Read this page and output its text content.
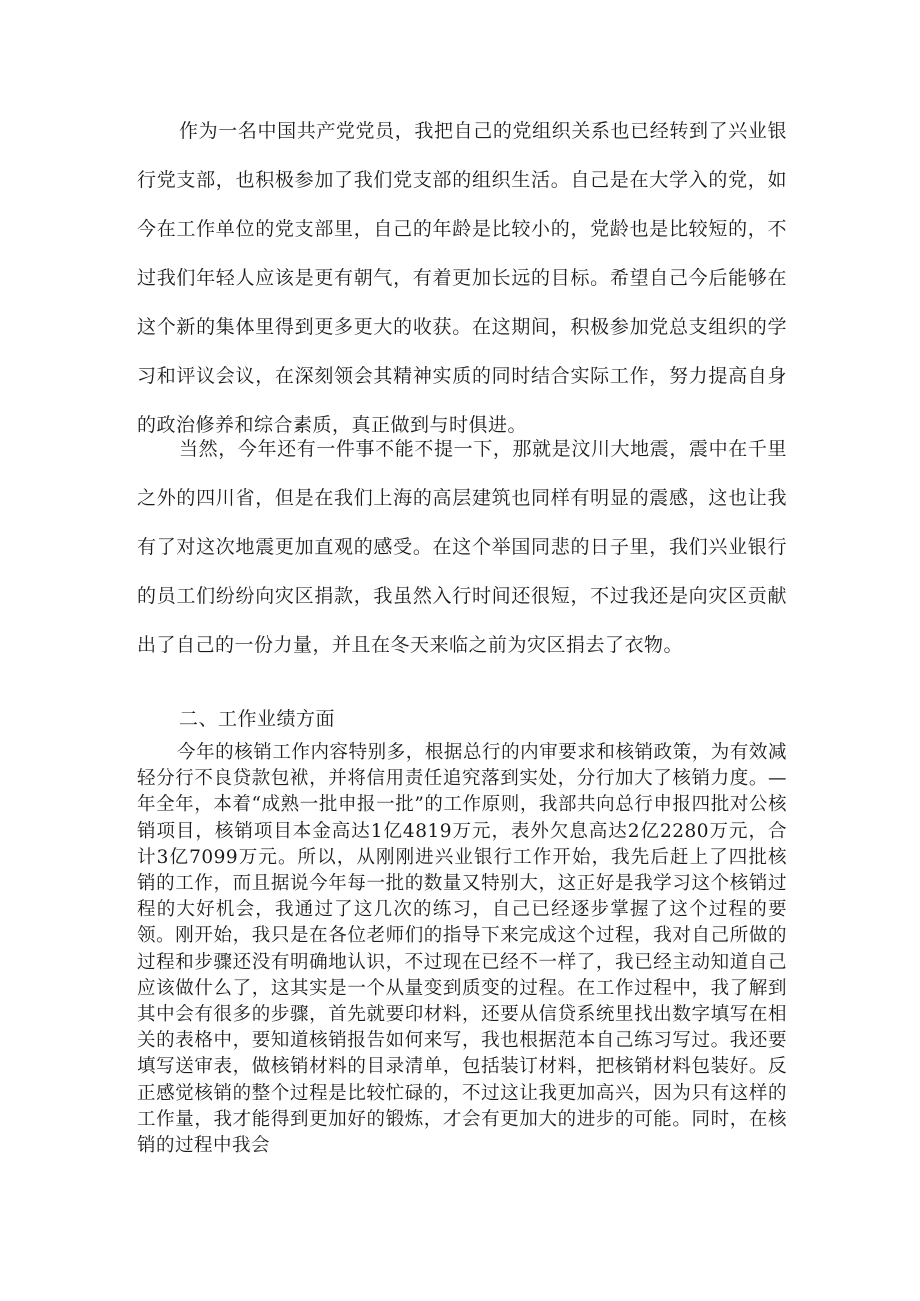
作为一名中国共产党党员，我把自己的党组织关系也已经转到了兴业银行党支部，也积极参加了我们党支部的组织生活。自己是在大学入的党，如今在工作单位的党支部里，自己的年龄是比较小的，党龄也是比较短的，不过我们年轻人应该是更有朝气，有着更加长远的目标。希望自己今后能够在这个新的集体里得到更多更大的收获。在这期间，积极参加党总支组织的学习和评议会议，在深刻领会其精神实质的同时结合实际工作，努力提高自身的政治修养和综合素质，真正做到与时俱进。

当然，今年还有一件事不能不提一下，那就是汶川大地震，震中在千里之外的四川省，但是在我们上海的高层建筑也同样有明显的震感，这也让我有了对这次地震更加直观的感受。在这个举国同悲的日子里，我们兴业银行的员工们纷纷向灾区捐款，我虽然入行时间还很短，不过我还是向灾区贡献出了自己的一份力量，并且在冬天来临之前为灾区捐去了衣物。

二、工作业绩方面

今年的核销工作内容特别多，根据总行的内审要求和核销政策，为有效减轻分行不良贷款包袱，并将信用责任追究落到实处，分行加大了核销力度。—年全年，本着“成熟一批申报一批”的工作原则，我部共向总行申报四批对公核销项目，核销项目本金高达1亿4819万元，表外欠息高达2亿2280万元，合计3亿7099万元。所以，从刚刚进兴业银行工作开始，我先后赶上了四批核销的工作，而且据说今年每一批的数量又特别大，这正好是我学习这个核销过程的大好机会，我通过了这几次的练习，自己已经逐步掌握了这个过程的要领。刚开始，我只是在各位老师们的指导下来完成这个过程，我对自己所做的过程和步骤还没有明确地认识，不过现在已经不一样了，我已经主动知道自己应该做什么了，这其实是一个从量变到质变的过程。在工作过程中，我了解到其中会有很多的步骤，首先就要印材料，还要从信贷系统里找出数字填写在相关的表格中，要知道核销报告如何来写，我也根据范本自己练习写过。我还要填写送审表，做核销材料的目录清单，包括装订材料，把核销材料包装好。反正感觉核销的整个过程是比较忙碌的，不过这让我更加高兴，因为只有这样的工作量，我才能得到更加好的锻炼，才会有更加大的进步的可能。同时，在核销的过程中我会
